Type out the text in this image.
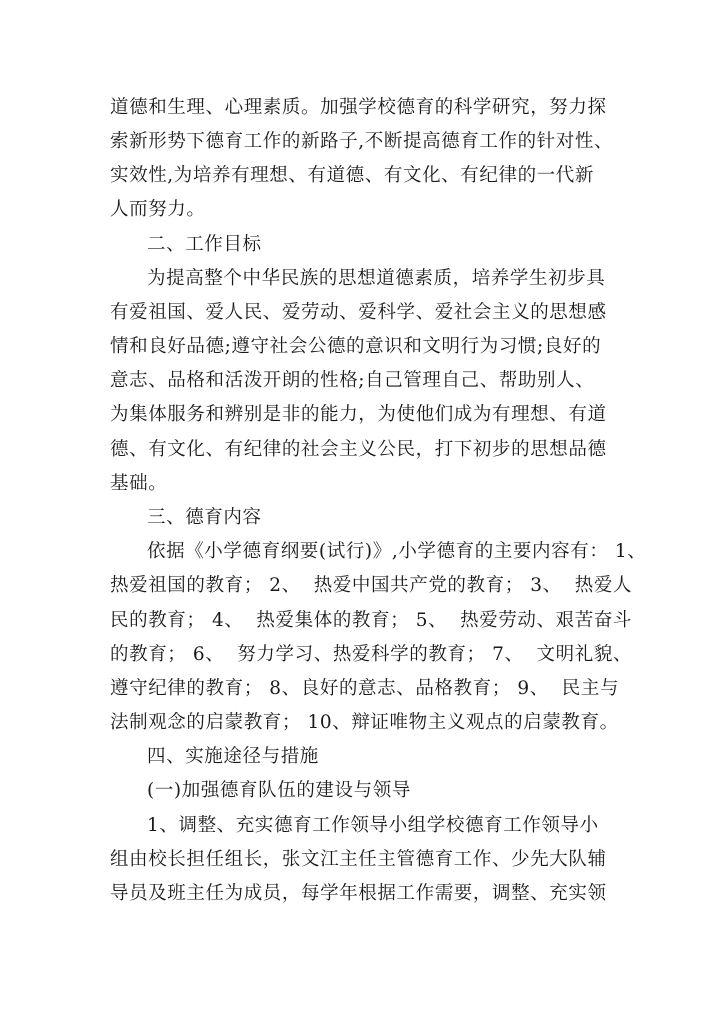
道德和生理、心理素质。加强学校德育的科学研究，努力探
索新形势下德育工作的新路子,不断提高德育工作的针对性、
实效性,为培养有理想、有道德、有文化、有纪律的一代新
人而努力。
二、工作目标
为提高整个中华民族的思想道德素质，培养学生初步具
有爱祖国、爱人民、爱劳动、爱科学、爱社会主义的思想感
情和良好品德;遵守社会公德的意识和文明行为习惯;良好的
意志、品格和活泼开朗的性格;自己管理自己、帮助别人、
为集体服务和辨别是非的能力，为使他们成为有理想、有道
德、有文化、有纪律的社会主义公民，打下初步的思想品德
基础。
三、德育内容
依据《小学德育纲要(试行)》,小学德育的主要内容有： 1、
热爱祖国的教育； 2、  热爱中国共产党的教育； 3、  热爱人
民的教育； 4、  热爱集体的教育； 5、  热爱劳动、艰苦奋斗
的教育； 6、  努力学习、热爱科学的教育； 7、  文明礼貌、
遵守纪律的教育； 8、良好的意志、品格教育； 9、  民主与
法制观念的启蒙教育； 10、辩证唯物主义观点的启蒙教育。
四、实施途径与措施
(一)加强德育队伍的建设与领导
1、调整、充实德育工作领导小组学校德育工作领导小
组由校长担任组长，张文江主任主管德育工作、少先大队辅
导员及班主任为成员，每学年根据工作需要，调整、充实领
